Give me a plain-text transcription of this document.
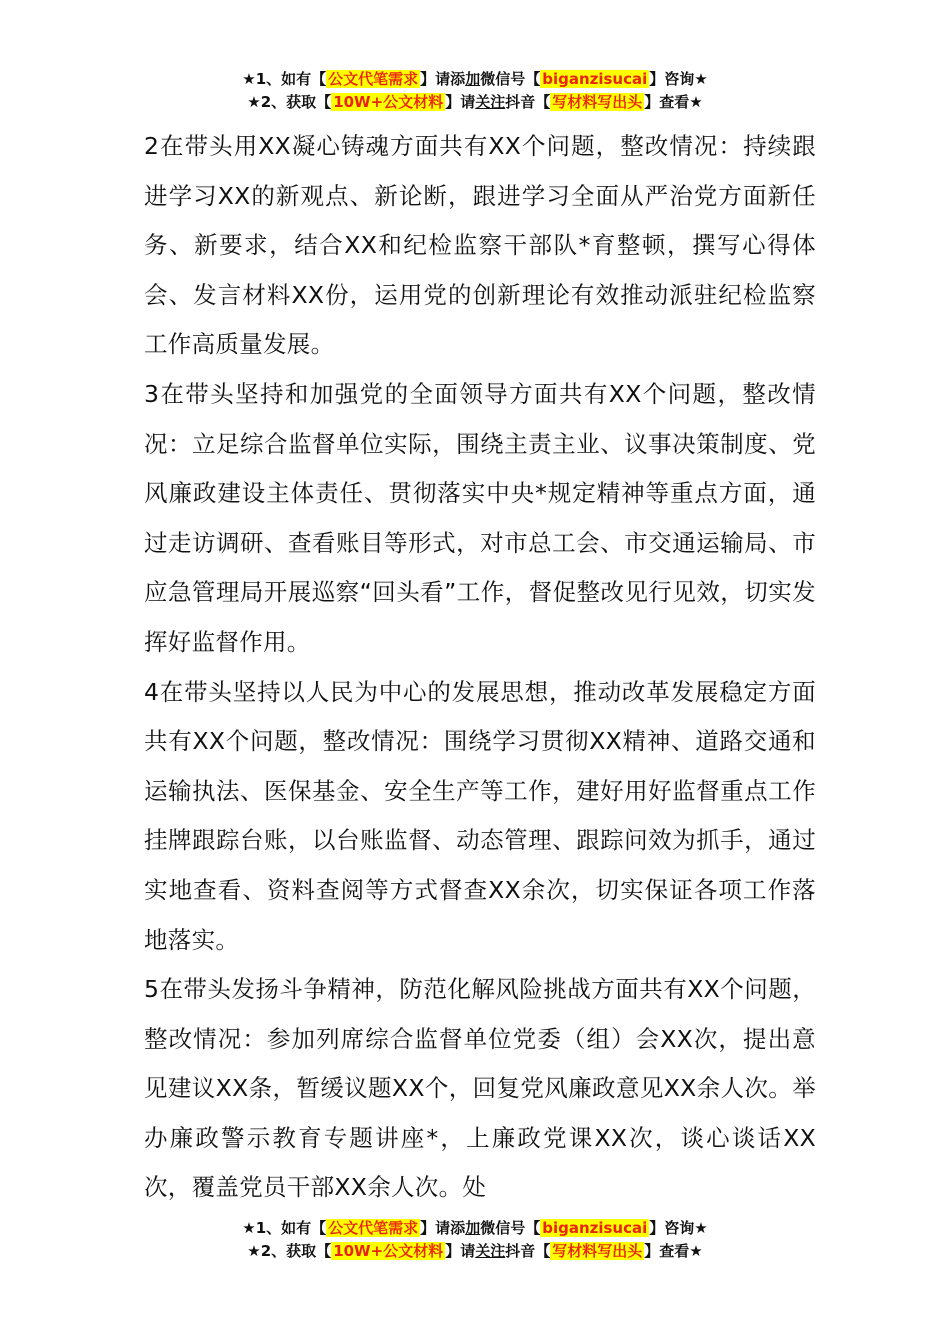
★1、如有【 公文代笔需求 】请添加微信号【 biganzisucai 】咨询★
★2、获取【 10W+公文材料 】请关注抖音【 写材料写出头 】查看★

2在带头用XX凝心铸魂方面共有XX个问题，整改情况：持续跟进学习XX的新观点、新论断，跟进学习全面从严治党方面新任务、新要求，结合XX和纪检监察干部队*育整顿，撰写心得体会、发言材料XX份，运用党的创新理论有效推动派驻纪检监察工作高质量发展。

3在带头坚持和加强党的全面领导方面共有XX个问题，整改情况：立足综合监督单位实际，围绕主责主业、议事决策制度、党风廉政建设主体责任、贯彻落实中央*规定精神等重点方面，通过走访调研、查看账目等形式，对市总工会、市交通运输局、市应急管理局开展巡察“回头看”工作，督促整改见行见效，切实发挥好监督作用。

4在带头坚持以人民为中心的发展思想，推动改革发展稳定方面共有XX个问题，整改情况：围绕学习贯彻XX精神、道路交通和运输执法、医保基金、安全生产等工作，建好用好监督重点工作挂牌跟踪台账，以台账监督、动态管理、跟踪问效为抓手，通过实地查看、资料查阅等方式督查XX余次，切实保证各项工作落地落实。

5在带头发扬斗争精神，防范化解风险挑战方面共有XX个问题，整改情况：参加列席综合监督单位党委（组）会XX次，提出意见建议XX条，暂缓议题XX个，回复党风廉政意见XX余人次。举办廉政警示教育专题讲座*，上廉政党课XX次，谈心谈话XX次，覆盖党员干部XX余人次。处

★1、如有【 公文代笔需求 】请添加微信号【 biganzisucai 】咨询★
★2、获取【 10W+公文材料 】请关注抖音【 写材料写出头 】查看★
